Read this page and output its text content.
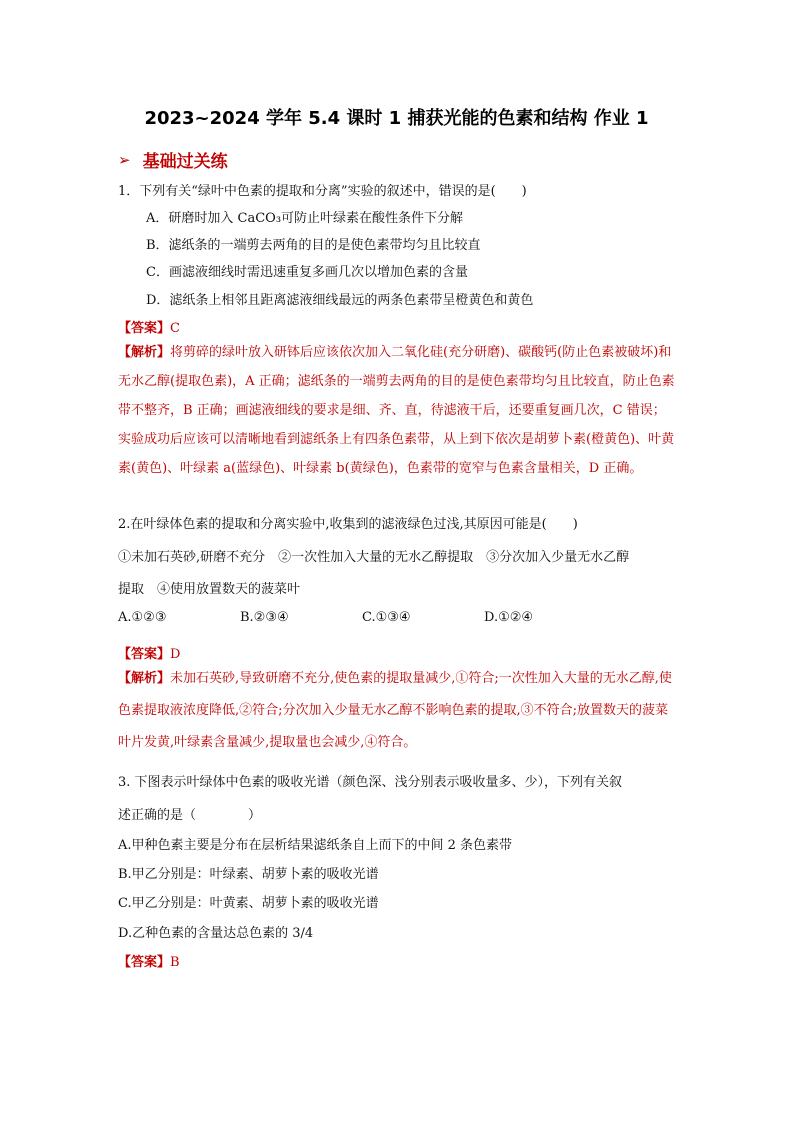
2023~2024 学年 5.4 课时 1 捕获光能的色素和结构 作业 1
➢ 基础过关练
1．下列有关“绿叶中色素的提取和分离”实验的叙述中，错误的是(　　)
A．研磨时加入 CaCO₃可防止叶绿素在酸性条件下分解
B．滤纸条的一端剪去两角的目的是使色素带均匀且比较直
C．画滤液细线时需迅速重复多画几次以增加色素的含量
D．滤纸条上相邻且距离滤液细线最远的两条色素带呈橙黄色和黄色
【答案】C
【解析】将剪碎的绿叶放入研钵后应该依次加入二氧化硅(充分研磨)、碳酸钙(防止色素被破坏)和无水乙醇(提取色素)，A 正确；滤纸条的一端剪去两角的目的是使色素带均匀且比较直，防止色素带不整齐，B 正确；画滤液细线的要求是细、齐、直，待滤液干后，还要重复画几次，C 错误；实验成功后应该可以清晰地看到滤纸条上有四条色素带，从上到下依次是胡萝卜素(橙黄色)、叶黄素(黄色)、叶绿素 a(蓝绿色)、叶绿素 b(黄绿色)，色素带的宽窄与色素含量相关，D 正确。
2.在叶绿体色素的提取和分离实验中,收集到的滤液绿色过浅,其原因可能是(　　)
①未加石英砂,研磨不充分　②一次性加入大量的无水乙醇提取　③分次加入少量无水乙醇
提取　④使用放置数天的菠菜叶
A.①②③	B.②③④	C.①③④	D.①②④
【答案】D
【解析】未加石英砂,导致研磨不充分,使色素的提取量减少,①符合;一次性加入大量的无水乙醇,使色素提取液浓度降低,②符合;分次加入少量无水乙醇不影响色素的提取,③不符合;放置数天的菠菜叶片发黄,叶绿素含量减少,提取量也会减少,④符合。
3. 下图表示叶绿体中色素的吸收光谱（颜色深、浅分别表示吸收量多、少），下列有关叙
述正确的是（　　　　）
A.甲种色素主要是分布在层析结果滤纸条自上而下的中间 2 条色素带
B.甲乙分别是：叶绿素、胡萝卜素的吸收光谱
C.甲乙分别是：叶黄素、胡萝卜素的吸收光谱
D.乙种色素的含量达总色素的 3/4
【答案】B
